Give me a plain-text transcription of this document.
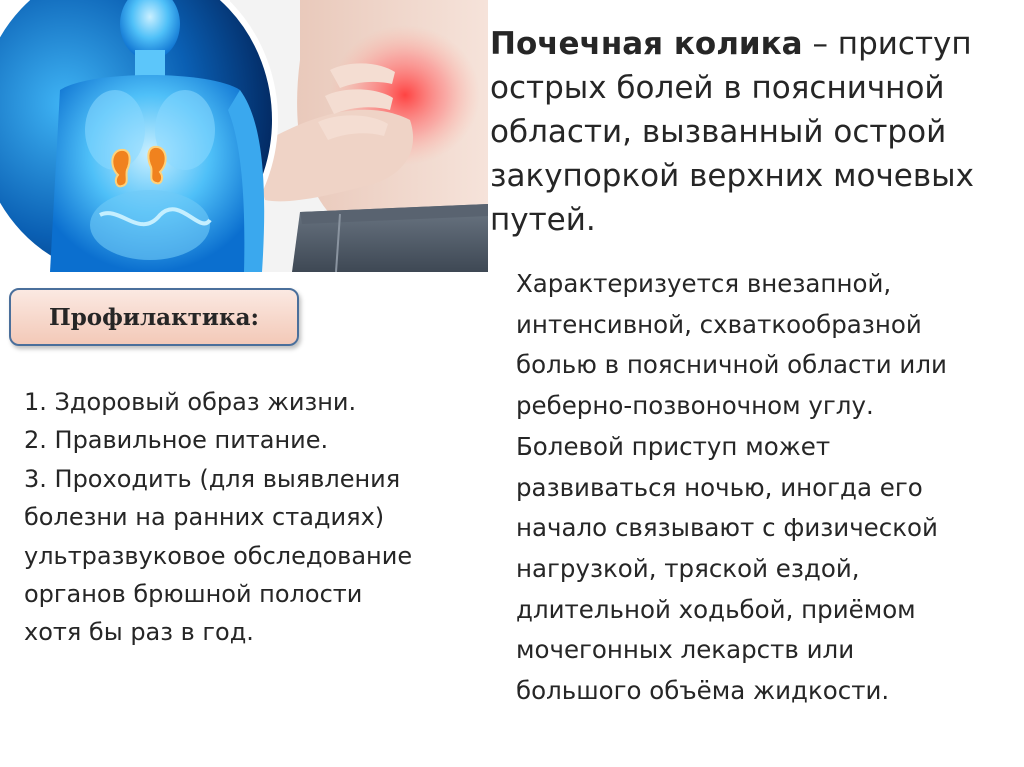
Почечная колика – приступ острых болей в поясничной области, вызванный острой закупоркой верхних мочевых путей.

Характеризуется внезапной,

интенсивной, схваткообразной

болью в поясничной области или

реберно-позвоночном углу.

Болевой приступ может

развиваться ночью, иногда его

начало связывают с физической

нагрузкой, тряской ездой,

длительной ходьбой, приёмом

мочегонных лекарств или

большого объёма жидкости.

Профилактика:

1. Здоровый образ жизни.

2. Правильное питание.

3. Проходить (для выявления

болезни на ранних стадиях)

ультразвуковое обследование

органов брюшной полости

хотя бы раз в год.
